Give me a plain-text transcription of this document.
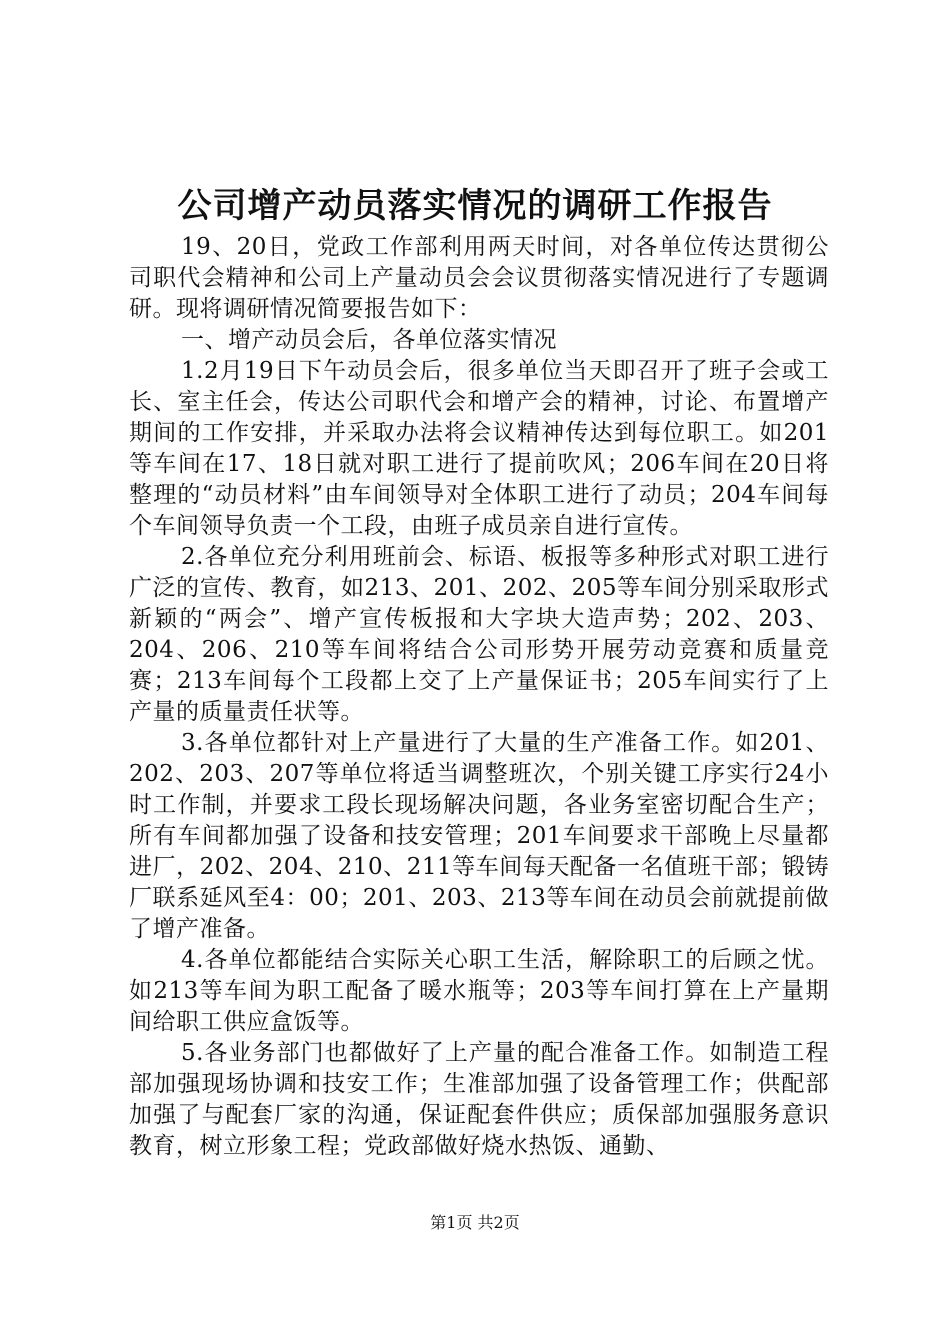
公司增产动员落实情况的调研工作报告

19、20日，党政工作部利用两天时间，对各单位传达贯彻公司职代会精神和公司上产量动员会会议贯彻落实情况进行了专题调研。现将调研情况简要报告如下：

一、增产动员会后，各单位落实情况

1.2月19日下午动员会后，很多单位当天即召开了班子会或工长、室主任会，传达公司职代会和增产会的精神，讨论、布置增产期间的工作安排，并采取办法将会议精神传达到每位职工。如201等车间在17、18日就对职工进行了提前吹风；206车间在20日将整理的“动员材料”由车间领导对全体职工进行了动员；204车间每个车间领导负责一个工段，由班子成员亲自进行宣传。

2.各单位充分利用班前会、标语、板报等多种形式对职工进行广泛的宣传、教育，如213、201、202、205等车间分别采取形式新颖的“两会”、增产宣传板报和大字块大造声势；202、203、204、206、210等车间将结合公司形势开展劳动竞赛和质量竞赛；213车间每个工段都上交了上产量保证书；205车间实行了上产量的质量责任状等。

3.各单位都针对上产量进行了大量的生产准备工作。如201、202、203、207等单位将适当调整班次，个别关键工序实行24小时工作制，并要求工段长现场解决问题，各业务室密切配合生产；所有车间都加强了设备和技安管理；201车间要求干部晚上尽量都进厂，202、204、210、211等车间每天配备一名值班干部；锻铸厂联系延风至4：00；201、203、213等车间在动员会前就提前做了增产准备。

4.各单位都能结合实际关心职工生活，解除职工的后顾之忧。如213等车间为职工配备了暖水瓶等；203等车间打算在上产量期间给职工供应盒饭等。

5.各业务部门也都做好了上产量的配合准备工作。如制造工程部加强现场协调和技安工作；生准部加强了设备管理工作；供配部加强了与配套厂家的沟通，保证配套件供应；质保部加强服务意识教育，树立形象工程；党政部做好烧水热饭、通勤、

第1页 共2页
